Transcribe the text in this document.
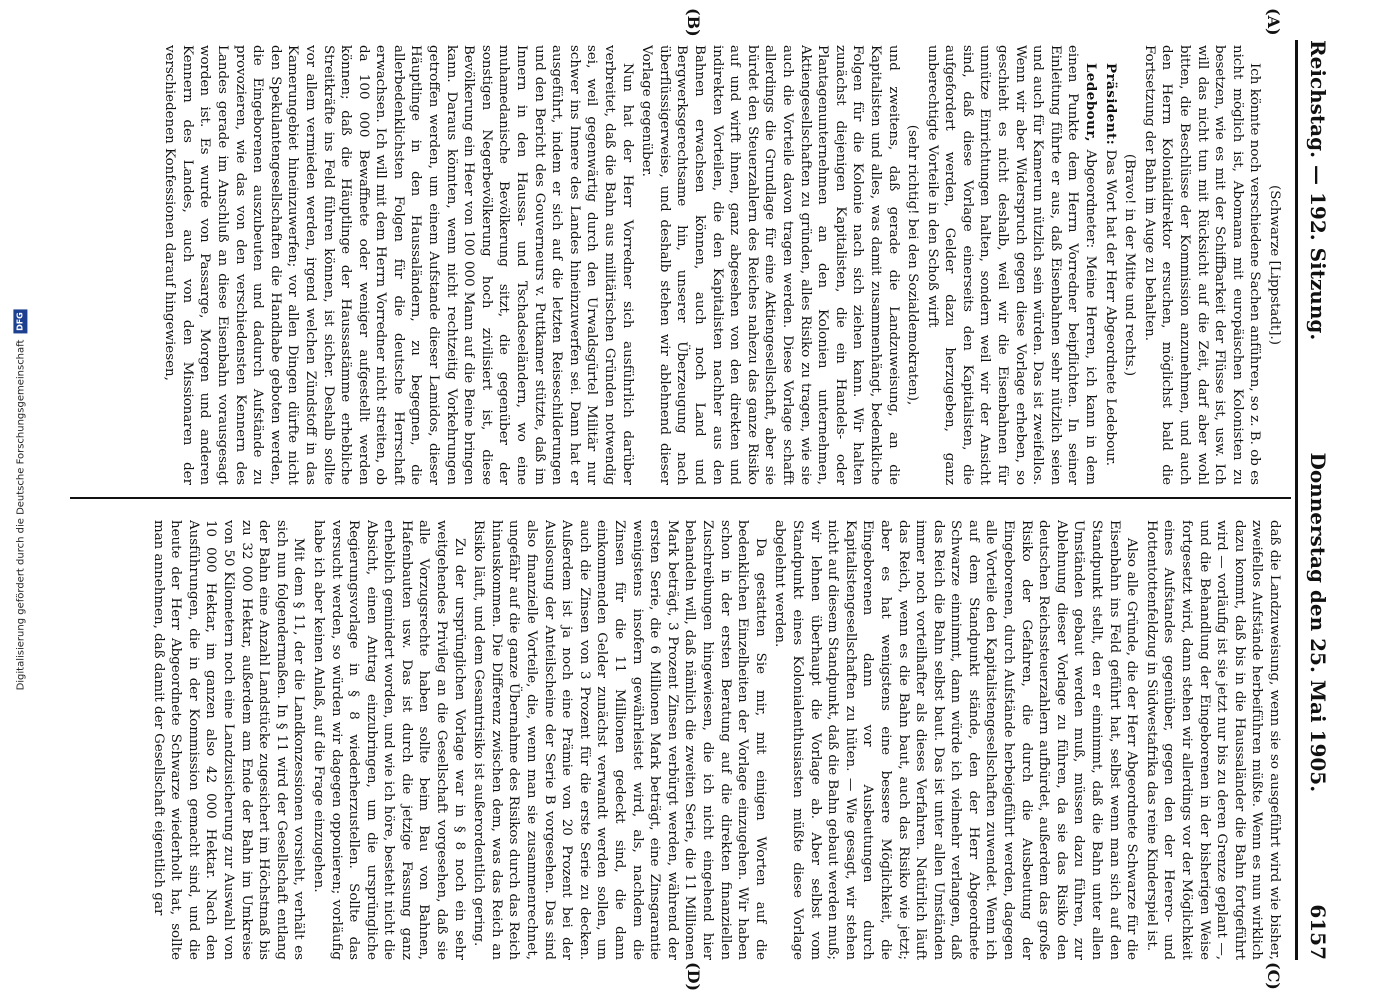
Reichstag. — 192. Sitzung.
Donnerstag den 25. Mai 1905.
6157
(A)
(B)
(C)
(D)

(Schwarze [Lippstadt].)

Ich könnte noch verschiedene Sachen anführen, so z. B. ob es nicht möglich ist, Abomama mit europäischen Kolonisten zu besetzen, wie es mit der Schiffbarkeit der Flüsse ist, usw. Ich will das nicht tun mit Rücksicht auf die Zeit, darf aber wohl bitten, die Beschlüsse der Kommission anzunehmen, und auch den Herrn Kolonialdirektor ersuchen, möglichst bald die Fortsetzung der Bahn im Auge zu behalten.

(Bravo! in der Mitte und rechts.)

Präsident: Das Wort hat der Herr Abgeordnete Ledebour.

Ledebour, Abgeordneter: Meine Herren, ich kann in dem einen Punkte dem Herrn Vorredner beipflichten. In seiner Einleitung führte er aus, daß Eisenbahnen sehr nützlich seien und auch für Kamerun nützlich sein würden. Das ist zweifellos. Wenn wir aber Widerspruch gegen diese Vorlage erheben, so geschieht es nicht deshalb, weil wir die Eisenbahnen für unnütze Einrichtungen halten, sondern weil wir der Ansicht sind, daß diese Vorlage einerseits den Kapitalisten, die aufgefordert werden, Gelder dazu herzugeben, ganz unberechtigte Vorteile in den Schoß wirft

(sehr richtig! bei den Sozialdemokraten),

und zweitens, daß gerade die Landzuweisung, an die Kapitalisten und alles, was damit zusammenhängt, bedenkliche Folgen für die Kolonie nach sich ziehen kann. Wir halten zunächst diejenigen Kapitalisten, die ein Handels- oder Plantagenunternehmen an den Kolonien unternehmen, Aktiengesellschaften zu gründen, alles Risiko zu tragen, wie sie auch die Vorteile davon tragen werden. Diese Vorlage schafft allerdings die Grundlage für eine Aktiengesellschaft, aber sie bürdet den Steuerzahlern des Reiches nahezu das ganze Risiko auf und wirft ihnen, ganz abgesehen von den direkten und indirekten Vorteilen, die den Kapitalisten nachher aus den Bahnen erwachsen können, auch noch Land und Bergwerksgerechtsame hin, unserer Überzeugung nach überflüssigerweise, und deshalb stehen wir ablehnend dieser Vorlage gegenüber.

Nun hat der Herr Vorredner sich ausführlich darüber verbreitet, daß die Bahn aus militärischen Gründen notwendig sei, weil gegenwärtig durch den Urwaldsgürtel Militär nur schwer ins Innere des Landes hineinzuwerfen sei. Dann hat er ausgeführt, indem er sich auf die letzten Reiseschilderungen und den Bericht des Gouverneurs v. Puttkamer stützte, daß im Innern in den Haussa- und Tschadseeländern, wo eine muhamedanische Bevölkerung sitzt, die gegenüber der sonstigen Negerbevölkerung hoch zivilisiert ist, diese Bevölkerung ein Heer von 100 000 Mann auf die Beine bringen kann. Daraus könnten, wenn nicht rechtzeitig Vorkehrungen getroffen werden, um einem Aufstande dieser Lamidos, dieser Häuptlinge in den Haussaländern, zu begegnen, die allerbedenklichsten Folgen für die deutsche Herrschaft erwachsen. Ich will mit dem Herrn Vorredner nicht streiten, ob da 100 000 Bewaffnete oder weniger aufgestellt werden können; daß die Häuptlinge der Haussastämme erhebliche Streitkräfte ins Feld führen können, ist sicher. Deshalb sollte vor allem vermieden werden, irgend welchen Zündstoff in das Kamerungebiet hineinzuwerfen; vor allen Dingen dürfte nicht den Spekulantengesellschaften die Handhabe geboten werden, die Eingeborenen auszubeuten und dadurch Aufstände zu provozieren, wie das von den verschiedensten Kennern des Landes gerade im Anschluß an diese Eisenbahn vorausgesagt worden ist. Es wurde von Passarge, Morgen und anderen Kennern des Landes, auch von den Missionaren der verschiedenen Konfessionen darauf hingewiesen,

daß die Landzuweisung, wenn sie so ausgeführt wird wie bisher, zweifellos Aufstände herbeiführen müßte. Wenn es nun wirklich dazu kommt, daß bis in die Haussaländer die Bahn fortgeführt wird — vorläufig ist sie jetzt nur bis zu deren Grenze geplant —, und die Behandlung der Eingeborenen in der bisherigen Weise fortgesetzt wird, dann stehen wir allerdings vor der Möglichkeit eines Aufstandes gegenüber, gegen den der Herero- und Hottentottenfeldzug in Südwestafrika das reine Kinderspiel ist.

Also alle Gründe, die der Herr Abgeordnete Schwarze für die Eisenbahn ins Feld geführt hat, selbst wenn man sich auf den Standpunkt stellt, den er einnimmt, daß die Bahn unter allen Umständen gebaut werden muß, müssen dazu führen, zur Ablehnung dieser Vorlage zu führen, da sie das Risiko den deutschen Reichssteuerzahlern aufbürdet, außerdem das große Risiko der Gefahren, die durch die Ausbeutung der Eingeborenen, durch Aufstände herbeigeführt werden, dagegen alle Vorteile den Kapitalistengesellschaften zuwendet. Wenn ich auf dem Standpunkt stände, den der Herr Abgeordnete Schwarze einnimmt, dann würde ich vielmehr verlangen, daß das Reich die Bahn selbst baut. Das ist unter allen Umständen immer noch vorteilhafter als dieses Verfahren. Natürlich läuft das Reich, wenn es die Bahn baut, auch das Risiko wie jetzt; aber es hat wenigstens eine bessere Möglichkeit, die Eingeborenen dann vor Ausbeutungen durch Kapitalistengesellschaften zu hüten. — Wie gesagt, wir stehen nicht auf diesem Standpunkt, daß die Bahn gebaut werden muß; wir lehnen überhaupt die Vorlage ab. Aber selbst vom Standpunkt eines Kolonialenthusiasten müßte diese Vorlage abgelehnt werden.

Da gestatten Sie mir, mit einigen Worten auf die bedenklichen Einzelheiten der Vorlage einzugehen. Wir haben schon in der ersten Beratung auf die direkten finanziellen Zuschreibungen hingewiesen, die ich nicht eingehend hier behandeln will, daß nämlich die zweiten Serie, die 11 Millionen Mark beträgt, 3 Prozent Zinsen verbürgt werden, während der ersten Serie, die 6 Millionen Mark beträgt, eine Zinsgarantie wenigstens insofern gewährleistet wird, als, nachdem die Zinsen für die 11 Millionen gedeckt sind, die dann einkommenden Gelder zunächst verwandt werden sollen, um auch die Zinsen von 3 Prozent für die erste Serie zu decken. Außerdem ist ja noch eine Prämie von 20 Prozent bei der Auslosung der Anteilscheine der Serie B vorgesehen. Das sind also finanzielle Vorteile, die, wenn man sie zusammenrechnet, ungefähr auf die ganze Übernahme des Risikos durch das Reich hinauskommen. Die Differenz zwischen dem, was das Reich an Risiko läuft, und dem Gesamtrisiko ist außerordentlich gering.

Zu der ursprünglichen Vorlage war in § 8 noch ein sehr weitgehendes Privileg an die Gesellschaft vorgesehen, daß sie alle Vorzugsrechte haben sollte beim Bau von Bahnen, Hafenbauten usw. Das ist durch die jetzige Fassung ganz erheblich gemindert worden, und wie ich höre, besteht nicht die Absicht, einen Antrag einzubringen, um die ursprüngliche Regierungsvorlage in § 8 wiederherzustellen. Sollte das versucht werden, so würden wir dagegen opponieren; vorläufig habe ich aber keinen Anlaß, auf die Frage einzugehen.

Mit dem § 11, der die Landkonzessionen vorsieht, verhält es sich nun folgendermaßen. In § 11 wird der Gesellschaft entlang der Bahn eine Anzahl Landstücke zugesichert im Höchstmaß bis zu 32 000 Hektar, außerdem am Ende der Bahn im Umkreise von 50 Kilometern noch eine Landzusicherung zur Auswahl von 10 000 Hektar, im ganzen also 42 000 Hektar. Nach den Ausführungen, die in der Kommission gemacht sind, und die heute der Herr Abgeordnete Schwarze wiederholt hat, sollte man annehmen, daß damit der Gesellschaft eigentlich gar

Digitalisierung gefördert durch die Deutsche Forschungsgemeinschaft
DFG
